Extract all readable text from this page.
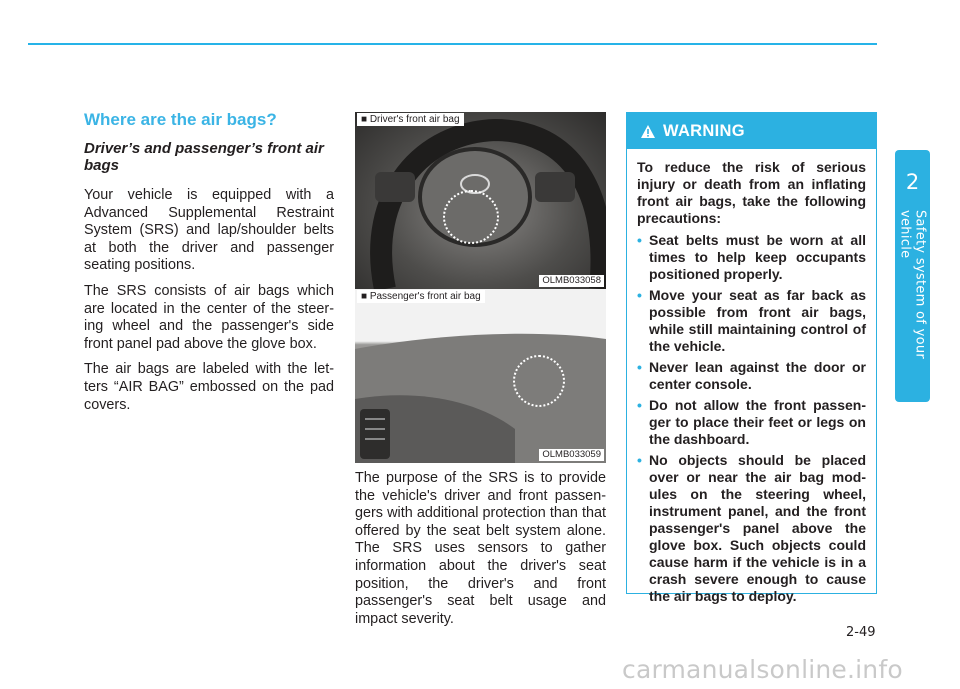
2
Safety system of your vehicle
Where are the air bags?
Driver’s and passenger’s front air bags

Your vehicle is equipped with a Advanced Supplemental Restraint System (SRS) and lap/shoulder belts at both the driver and passenger seating positions.

The SRS consists of air bags which are located in the center of the steer-ing wheel and the passenger's side front panel pad above the glove box.

The air bags are labeled with the let-ters “AIR BAG” embossed on the pad covers.

■ Driver's front air bag
OLMB033058
■ Passenger's front air bag
OLMB033059

The purpose of the SRS is to provide the vehicle's driver and front passen-gers with additional protection than that offered by the seat belt system alone. The SRS uses sensors to gather information about the driver's seat position, the driver's and front passenger's seat belt usage and impact severity.

WARNING

To reduce the risk of serious injury or death from an inflating front air bags, take the following precautions:

• Seat belts must be worn at all times to help keep occupants positioned properly.
• Move your seat as far back as possible from front air bags, while still maintaining control of the vehicle.
• Never lean against the door or center console.
• Do not allow the front passen-ger to place their feet or legs on the dashboard.
• No objects should be placed over or near the air bag mod-ules on the steering wheel, instrument panel, and the front passenger's panel above the glove box. Such objects could cause harm if the vehicle is in a crash severe enough to cause the air bags to deploy.
2-49
carmanualsonline.info
